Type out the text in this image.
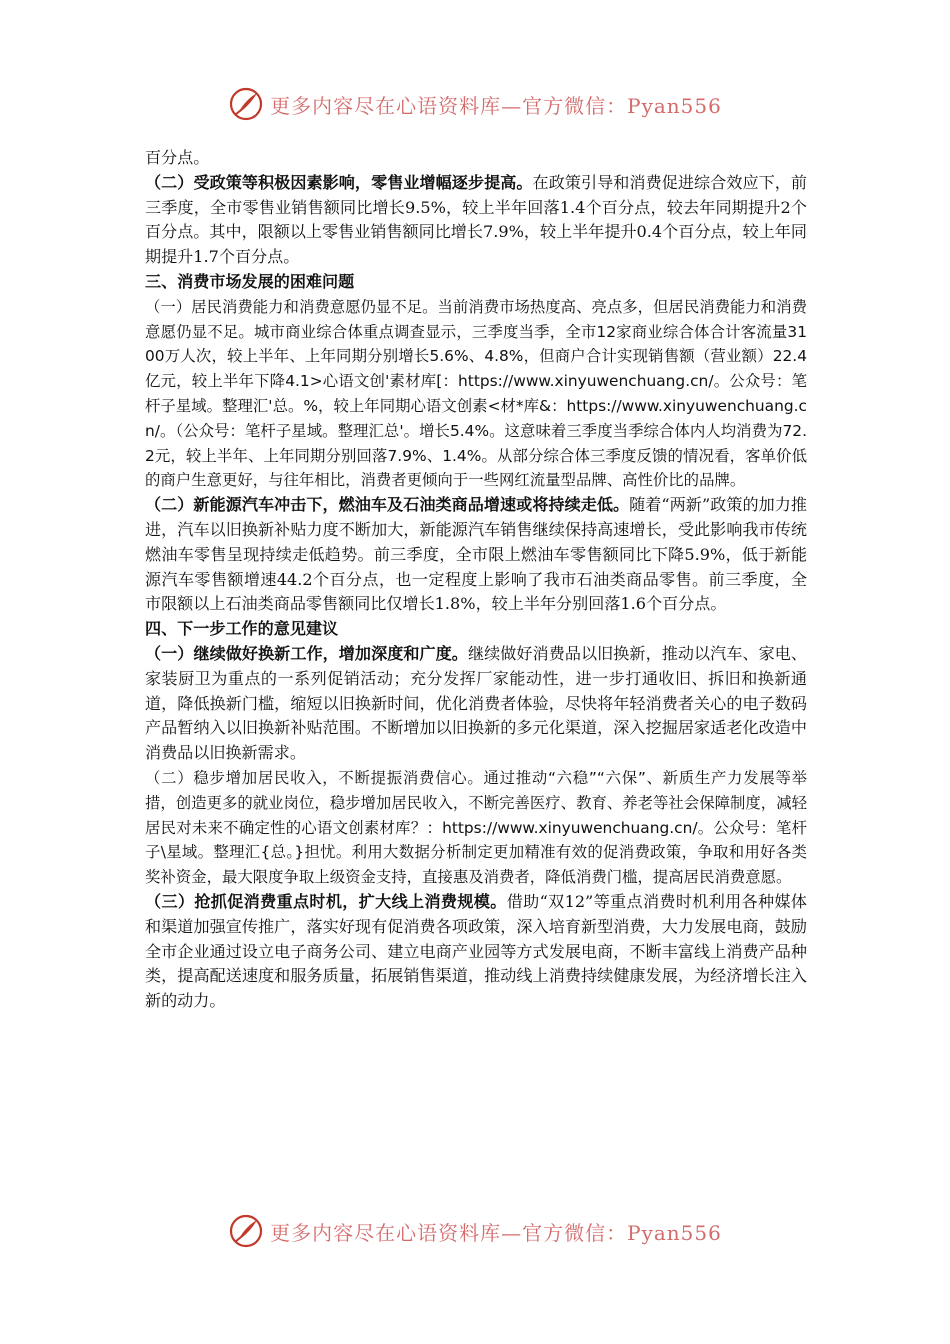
更多内容尽在心语资料库—官方微信：Pyan556

百分点。

（二）受政策等积极因素影响，零售业增幅逐步提高。在政策引导和消费促进综合效应下，前三季度，全市零售业销售额同比增长9.5%，较上半年回落1.4个百分点，较去年同期提升2个百分点。其中，限额以上零售业销售额同比增长7.9%，较上半年提升0.4个百分点，较上年同期提升1.7个百分点。

三、消费市场发展的困难问题

（一）居民消费能力和消费意愿仍显不足。当前消费市场热度高、亮点多，但居民消费能力和消费意愿仍显不足。城市商业综合体重点调查显示，三季度当季，全市12家商业综合体合计客流量3100万人次，较上半年、上年同期分别增长5.6%、4.8%，但商户合计实现销售额（营业额）22.4亿元，较上半年下降4.1>心语文创'素材库[：https://www.xinyuwenchuang.cn/。公众号：笔杆子星域。整理汇'总。%，较上年同期心语文创素<材*库&：https://www.xinyuwenchuang.cn/。（公众号：笔杆子星域。整理汇总'。增长5.4%。这意味着三季度当季综合体内人均消费为72.2元，较上半年、上年同期分别回落7.9%、1.4%。从部分综合体三季度反馈的情况看，客单价低的商户生意更好，与往年相比，消费者更倾向于一些网红流量型品牌、高性价比的品牌。

（二）新能源汽车冲击下，燃油车及石油类商品增速或将持续走低。随着“两新”政策的加力推进，汽车以旧换新补贴力度不断加大，新能源汽车销售继续保持高速增长，受此影响我市传统燃油车零售呈现持续走低趋势。前三季度，全市限上燃油车零售额同比下降5.9%，低于新能源汽车零售额增速44.2个百分点，也一定程度上影响了我市石油类商品零售。前三季度，全市限额以上石油类商品零售额同比仅增长1.8%，较上半年分别回落1.6个百分点。

四、下一步工作的意见建议

（一）继续做好换新工作，增加深度和广度。继续做好消费品以旧换新，推动以汽车、家电、家装厨卫为重点的一系列促销活动；充分发挥厂家能动性，进一步打通收旧、拆旧和换新通道，降低换新门槛，缩短以旧换新时间，优化消费者体验，尽快将年轻消费者关心的电子数码产品暂纳入以旧换新补贴范围。不断增加以旧换新的多元化渠道，深入挖掘居家适老化改造中消费品以旧换新需求。

（二）稳步增加居民收入，不断提振消费信心。通过推动“六稳”“六保”、新质生产力发展等举措，创造更多的就业岗位，稳步增加居民收入，不断完善医疗、教育、养老等社会保障制度，减轻居民对未来不确定性的心语文创素材库？：https://www.xinyuwenchuang.cn/。公众号：笔杆子\星域。整理汇{总。}担忧。利用大数据分析制定更加精准有效的促消费政策，争取和用好各类奖补资金，最大限度争取上级资金支持，直接惠及消费者，降低消费门槛，提高居民消费意愿。

（三）抢抓促消费重点时机，扩大线上消费规模。借助“双12”等重点消费时机利用各种媒体和渠道加强宣传推广，落实好现有促消费各项政策，深入培育新型消费，大力发展电商，鼓励全市企业通过设立电子商务公司、建立电商产业园等方式发展电商，不断丰富线上消费产品种类，提高配送速度和服务质量，拓展销售渠道，推动线上消费持续健康发展，为经济增长注入新的动力。

更多内容尽在心语资料库—官方微信：Pyan556
